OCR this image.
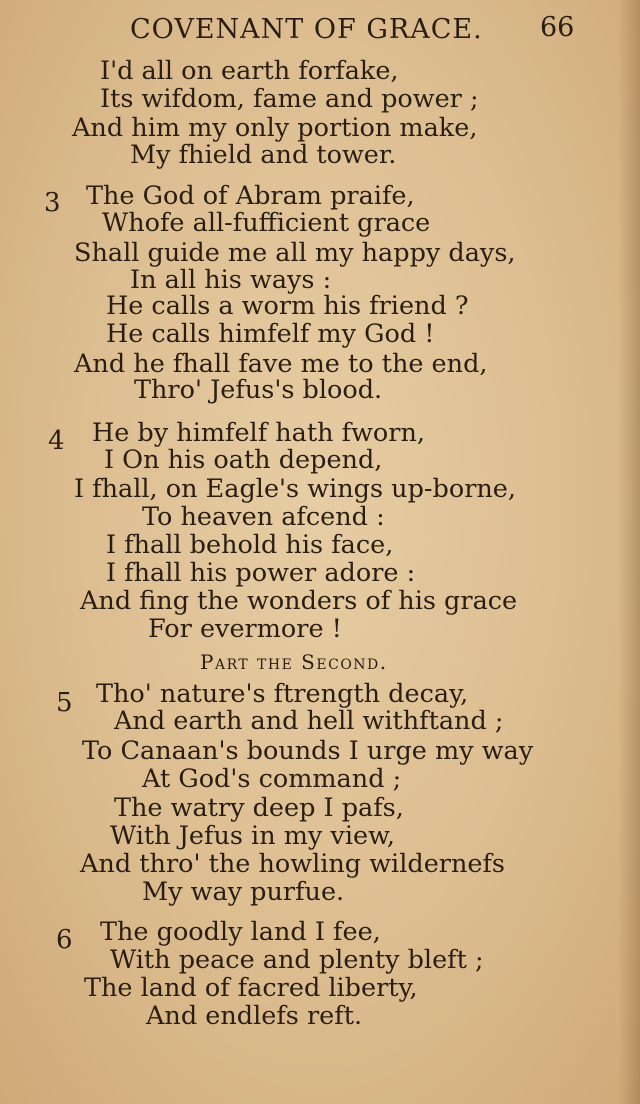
COVENANT OF GRACE. 66
I'd all on earth forfake,
Its wifdom, fame and power ;
And him my only portion make,
My fhield and tower.
3 The God of Abram praife,
Whofe all-fufficient grace
Shall guide me all my happy days,
In all his ways :
He calls a worm his friend ?
He calls himfelf my God !
And he fhall fave me to the end,
Thro' Jefus's blood.
4 He by himfelf hath fworn,
I On his oath depend,
I fhall, on Eagle's wings up-borne,
To heaven afcend :
I fhall behold his face,
I fhall his power adore :
And fing the wonders of his grace
For evermore !
Part the Second.
5 Tho' nature's ftrength decay,
And earth and hell withftand ;
To Canaan's bounds I urge my way
At God's command ;
The watry deep I pafs,
With Jefus in my view,
And thro' the howling wildernefs
My way purfue.
6 The goodly land I fee,
With peace and plenty bleft ;
The land of facred liberty,
And endlefs reft.
